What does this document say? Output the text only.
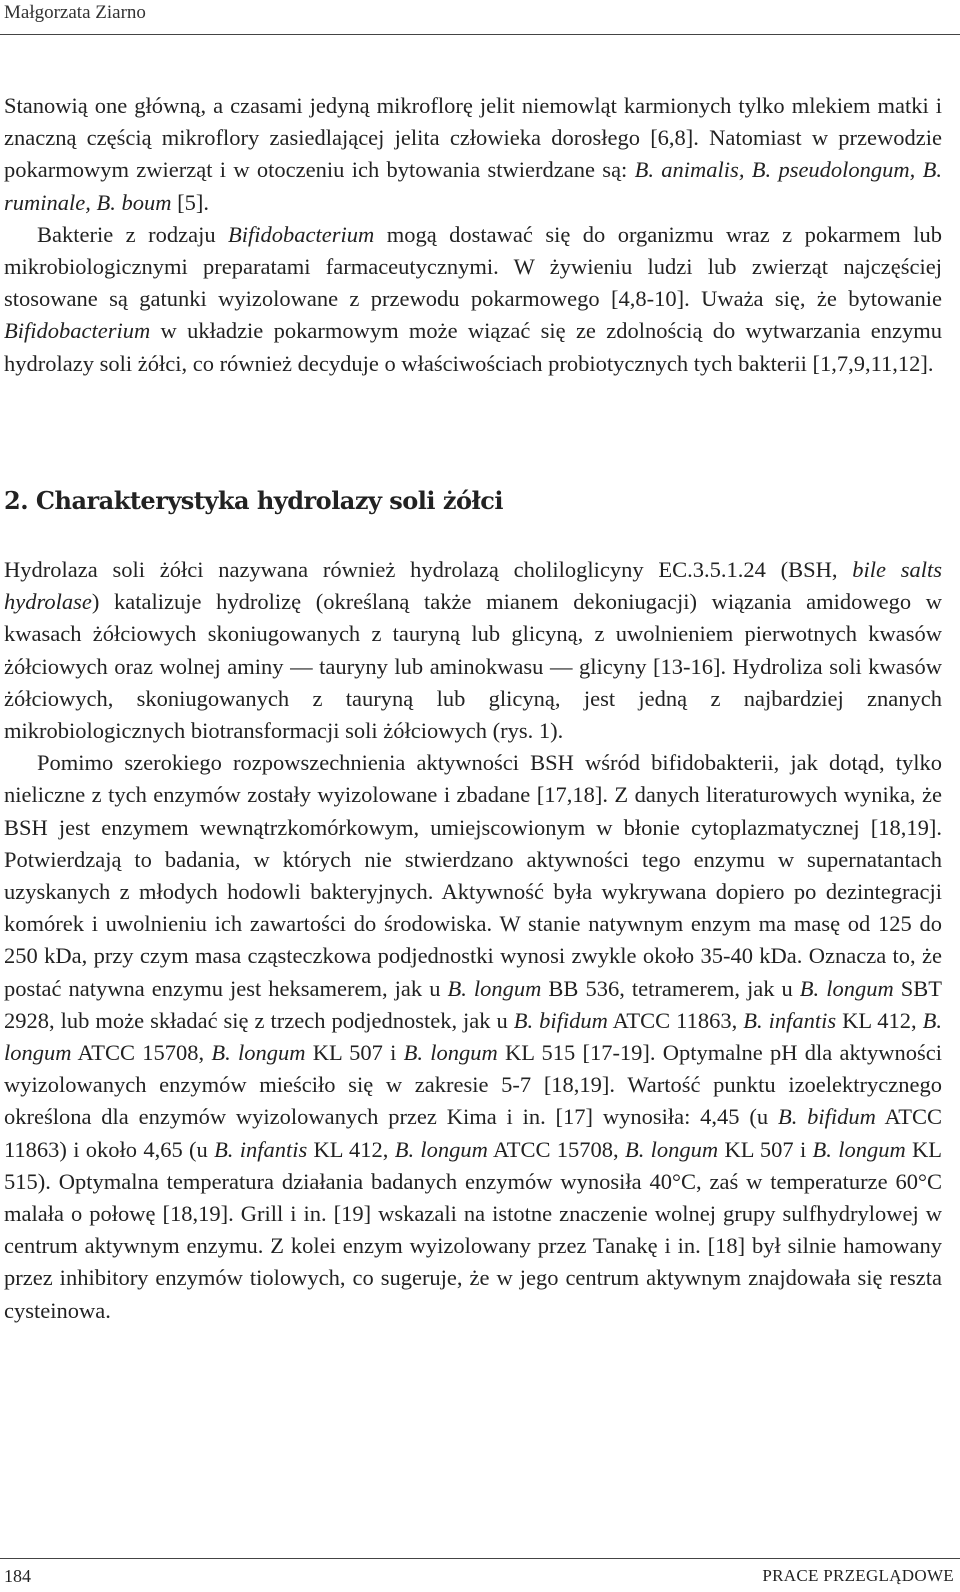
Małgorzata Ziarno

Stanowią one główną, a czasami jedyną mikroflorę jelit niemowląt karmionych tylko mlekiem matki i znaczną częścią mikroflory zasiedlającej jelita człowieka dorosłego [6,8]. Natomiast w przewodzie pokarmowym zwierząt i w otoczeniu ich bytowania stwierdzane są: B. animalis, B. pseudolongum, B. ruminale, B. boum [5].

Bakterie z rodzaju Bifidobacterium mogą dostawać się do organizmu wraz z pokarmem lub mikrobiologicznymi preparatami farmaceutycznymi. W żywieniu ludzi lub zwierząt najczęściej stosowane są gatunki wyizolowane z przewodu pokarmowego [4,8-10]. Uważa się, że bytowanie Bifidobacterium w układzie pokarmowym może wiązać się ze zdolnością do wytwarzania enzymu hydrolazy soli żółci, co również decyduje o właściwościach probiotycznych tych bakterii [1,7,9,11,12].

2. Charakterystyka hydrolazy soli żółci

Hydrolaza soli żółci nazywana również hydrolazą choliloglicyny EC.3.5.1.24 (BSH, bile salts hydrolase) katalizuje hydrolizę (określaną także mianem dekoniugacji) wiązania amidowego w kwasach żółciowych skoniugowanych z tauryną lub glicyną, z uwolnieniem pierwotnych kwasów żółciowych oraz wolnej aminy — tauryny lub aminokwasu — glicyny [13-16]. Hydroliza soli kwasów żółciowych, skoniugowanych z tauryną lub glicyną, jest jedną z najbardziej znanych mikrobiologicznych biotransformacji soli żółciowych (rys. 1).

Pomimo szerokiego rozpowszechnienia aktywności BSH wśród bifidobakterii, jak dotąd, tylko nieliczne z tych enzymów zostały wyizolowane i zbadane [17,18]. Z danych literaturowych wynika, że BSH jest enzymem wewnątrzkomórkowym, umiejscowionym w błonie cytoplazmatycznej [18,19]. Potwierdzają to badania, w których nie stwierdzano aktywności tego enzymu w supernatantach uzyskanych z młodych hodowli bakteryjnych. Aktywność była wykrywana dopiero po dezintegracji komórek i uwolnieniu ich zawartości do środowiska. W stanie natywnym enzym ma masę od 125 do 250 kDa, przy czym masa cząsteczkowa podjednostki wynosi zwykle około 35-40 kDa. Oznacza to, że postać natywna enzymu jest heksamerem, jak u B. longum BB 536, tetramerem, jak u B. longum SBT 2928, lub może składać się z trzech podjednostek, jak u B. bifidum ATCC 11863, B. infantis KL 412, B. longum ATCC 15708, B. longum KL 507 i B. longum KL 515 [17-19]. Optymalne pH dla aktywności wyizolowanych enzymów mieściło się w zakresie 5-7 [18,19]. Wartość punktu izoelektrycznego określona dla enzymów wyizolowanych przez Kima i in. [17] wynosiła: 4,45 (u B. bifidum ATCC 11863) i około 4,65 (u B. infantis KL 412, B. longum ATCC 15708, B. longum KL 507 i B. longum KL 515). Optymalna temperatura działania badanych enzymów wynosiła 40°C, zaś w temperaturze 60°C malała o połowę [18,19]. Grill i in. [19] wskazali na istotne znaczenie wolnej grupy sulfhydrylowej w centrum aktywnym enzymu. Z kolei enzym wyizolowany przez Tanakę i in. [18] był silnie hamowany przez inhibitory enzymów tiolowych, co sugeruje, że w jego centrum aktywnym znajdowała się reszta cysteinowa.

184	PRACE PRZEGLĄDOWE
